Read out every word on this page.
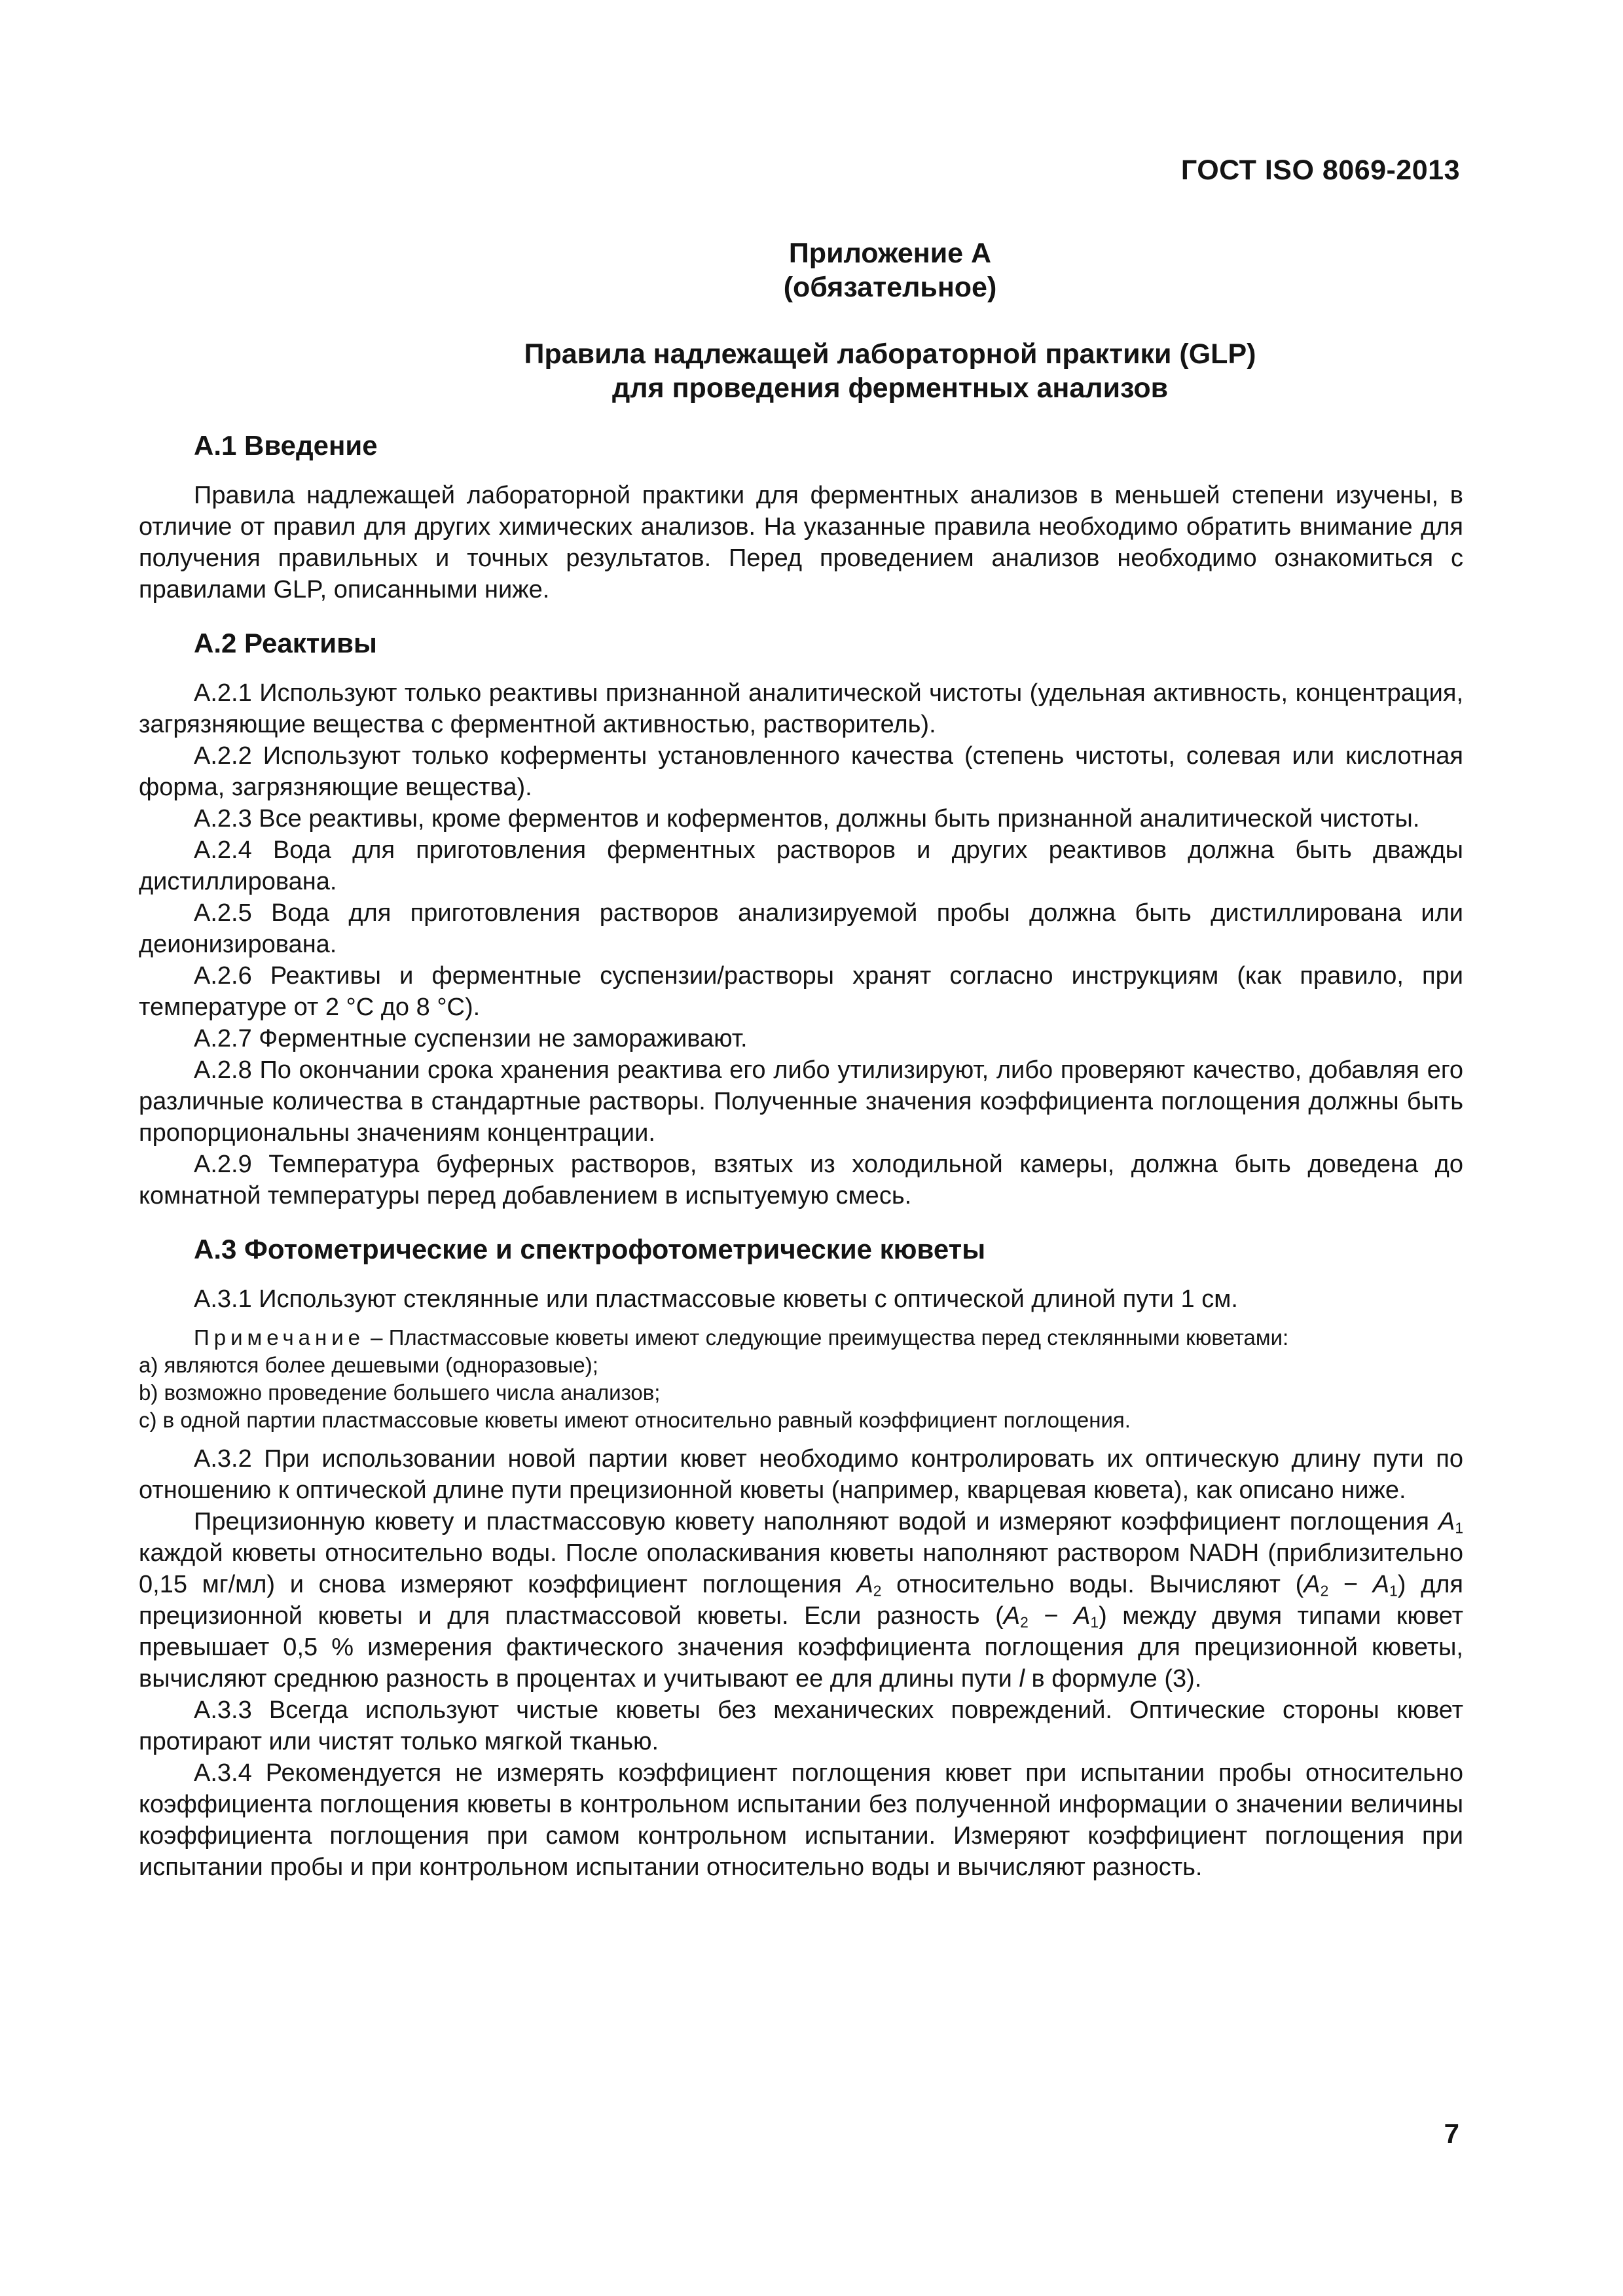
ГОСТ ISO 8069-2013
Приложение А
(обязательное)
Правила надлежащей лабораторной практики (GLP)
для проведения ферментных анализов
А.1 Введение

Правила надлежащей лабораторной практики для ферментных анализов в меньшей степени изучены, в отличие от правил для других химических анализов. На указанные правила необходимо обратить внимание для получения правильных и точных результатов. Перед проведением анализов необходимо ознакомиться с правилами GLP, описанными ниже.

А.2 Реактивы

А.2.1 Используют только реактивы признанной аналитической чистоты (удельная активность, концентрация, загрязняющие вещества с ферментной активностью, растворитель).

А.2.2 Используют только коферменты установленного качества (степень чистоты, солевая или кислотная форма, загрязняющие вещества).

А.2.3 Все реактивы, кроме ферментов и коферментов, должны быть признанной аналитической чистоты.

А.2.4 Вода для приготовления ферментных растворов и других реактивов должна быть дважды дистиллирована.

А.2.5 Вода для приготовления растворов анализируемой пробы должна быть дистиллирована или деионизирована.

А.2.6 Реактивы и ферментные суспензии/растворы хранят согласно инструкциям (как правило, при температуре от 2 °С до 8 °С).

А.2.7 Ферментные суспензии не замораживают.

А.2.8 По окончании срока хранения реактива его либо утилизируют, либо проверяют качество, добавляя его различные количества в стандартные растворы. Полученные значения коэффициента поглощения должны быть пропорциональны значениям концентрации.

А.2.9 Температура буферных растворов, взятых из холодильной камеры, должна быть доведена до комнатной температуры перед добавлением в испытуемую смесь.

А.3 Фотометрические и спектрофотометрические кюветы

А.3.1 Используют стеклянные или пластмассовые кюветы с оптической длиной пути 1 см.

Примечание – Пластмассовые кюветы имеют следующие преимущества перед стеклянными кюветами:

a) являются более дешевыми (одноразовые);

b) возможно проведение большего числа анализов;

c) в одной партии пластмассовые кюветы имеют относительно равный коэффициент поглощения.

А.3.2 При использовании новой партии кювет необходимо контролировать их оптическую длину пути по отношению к оптической длине пути прецизионной кюветы (например, кварцевая кювета), как описано ниже.

Прецизионную кювету и пластмассовую кювету наполняют водой и измеряют коэффициент поглощения $A_1$ каждой кюветы относительно воды. После ополаскивания кюветы наполняют раствором NADH (приблизительно 0,15 мг/мл) и снова измеряют коэффициент поглощения $A_2$ относительно воды. Вычисляют $(A_2 - A_1)$ для прецизионной кюветы и для пластмассовой кюветы. Если разность $(A_2 - A_1)$ между двумя типами кювет превышает 0,5 % измерения фактического значения коэффициента поглощения для прецизионной кюветы, вычисляют среднюю разность в процентах и учитывают ее для длины пути l в формуле (3).

А.3.3 Всегда используют чистые кюветы без механических повреждений. Оптические стороны кювет протирают или чистят только мягкой тканью.

А.3.4 Рекомендуется не измерять коэффициент поглощения кювет при испытании пробы относительно коэффициента поглощения кюветы в контрольном испытании без полученной информации о значении величины коэффициента поглощения при самом контрольном испытании. Измеряют коэффициент поглощения при испытании пробы и при контрольном испытании относительно воды и вычисляют разность.

7
